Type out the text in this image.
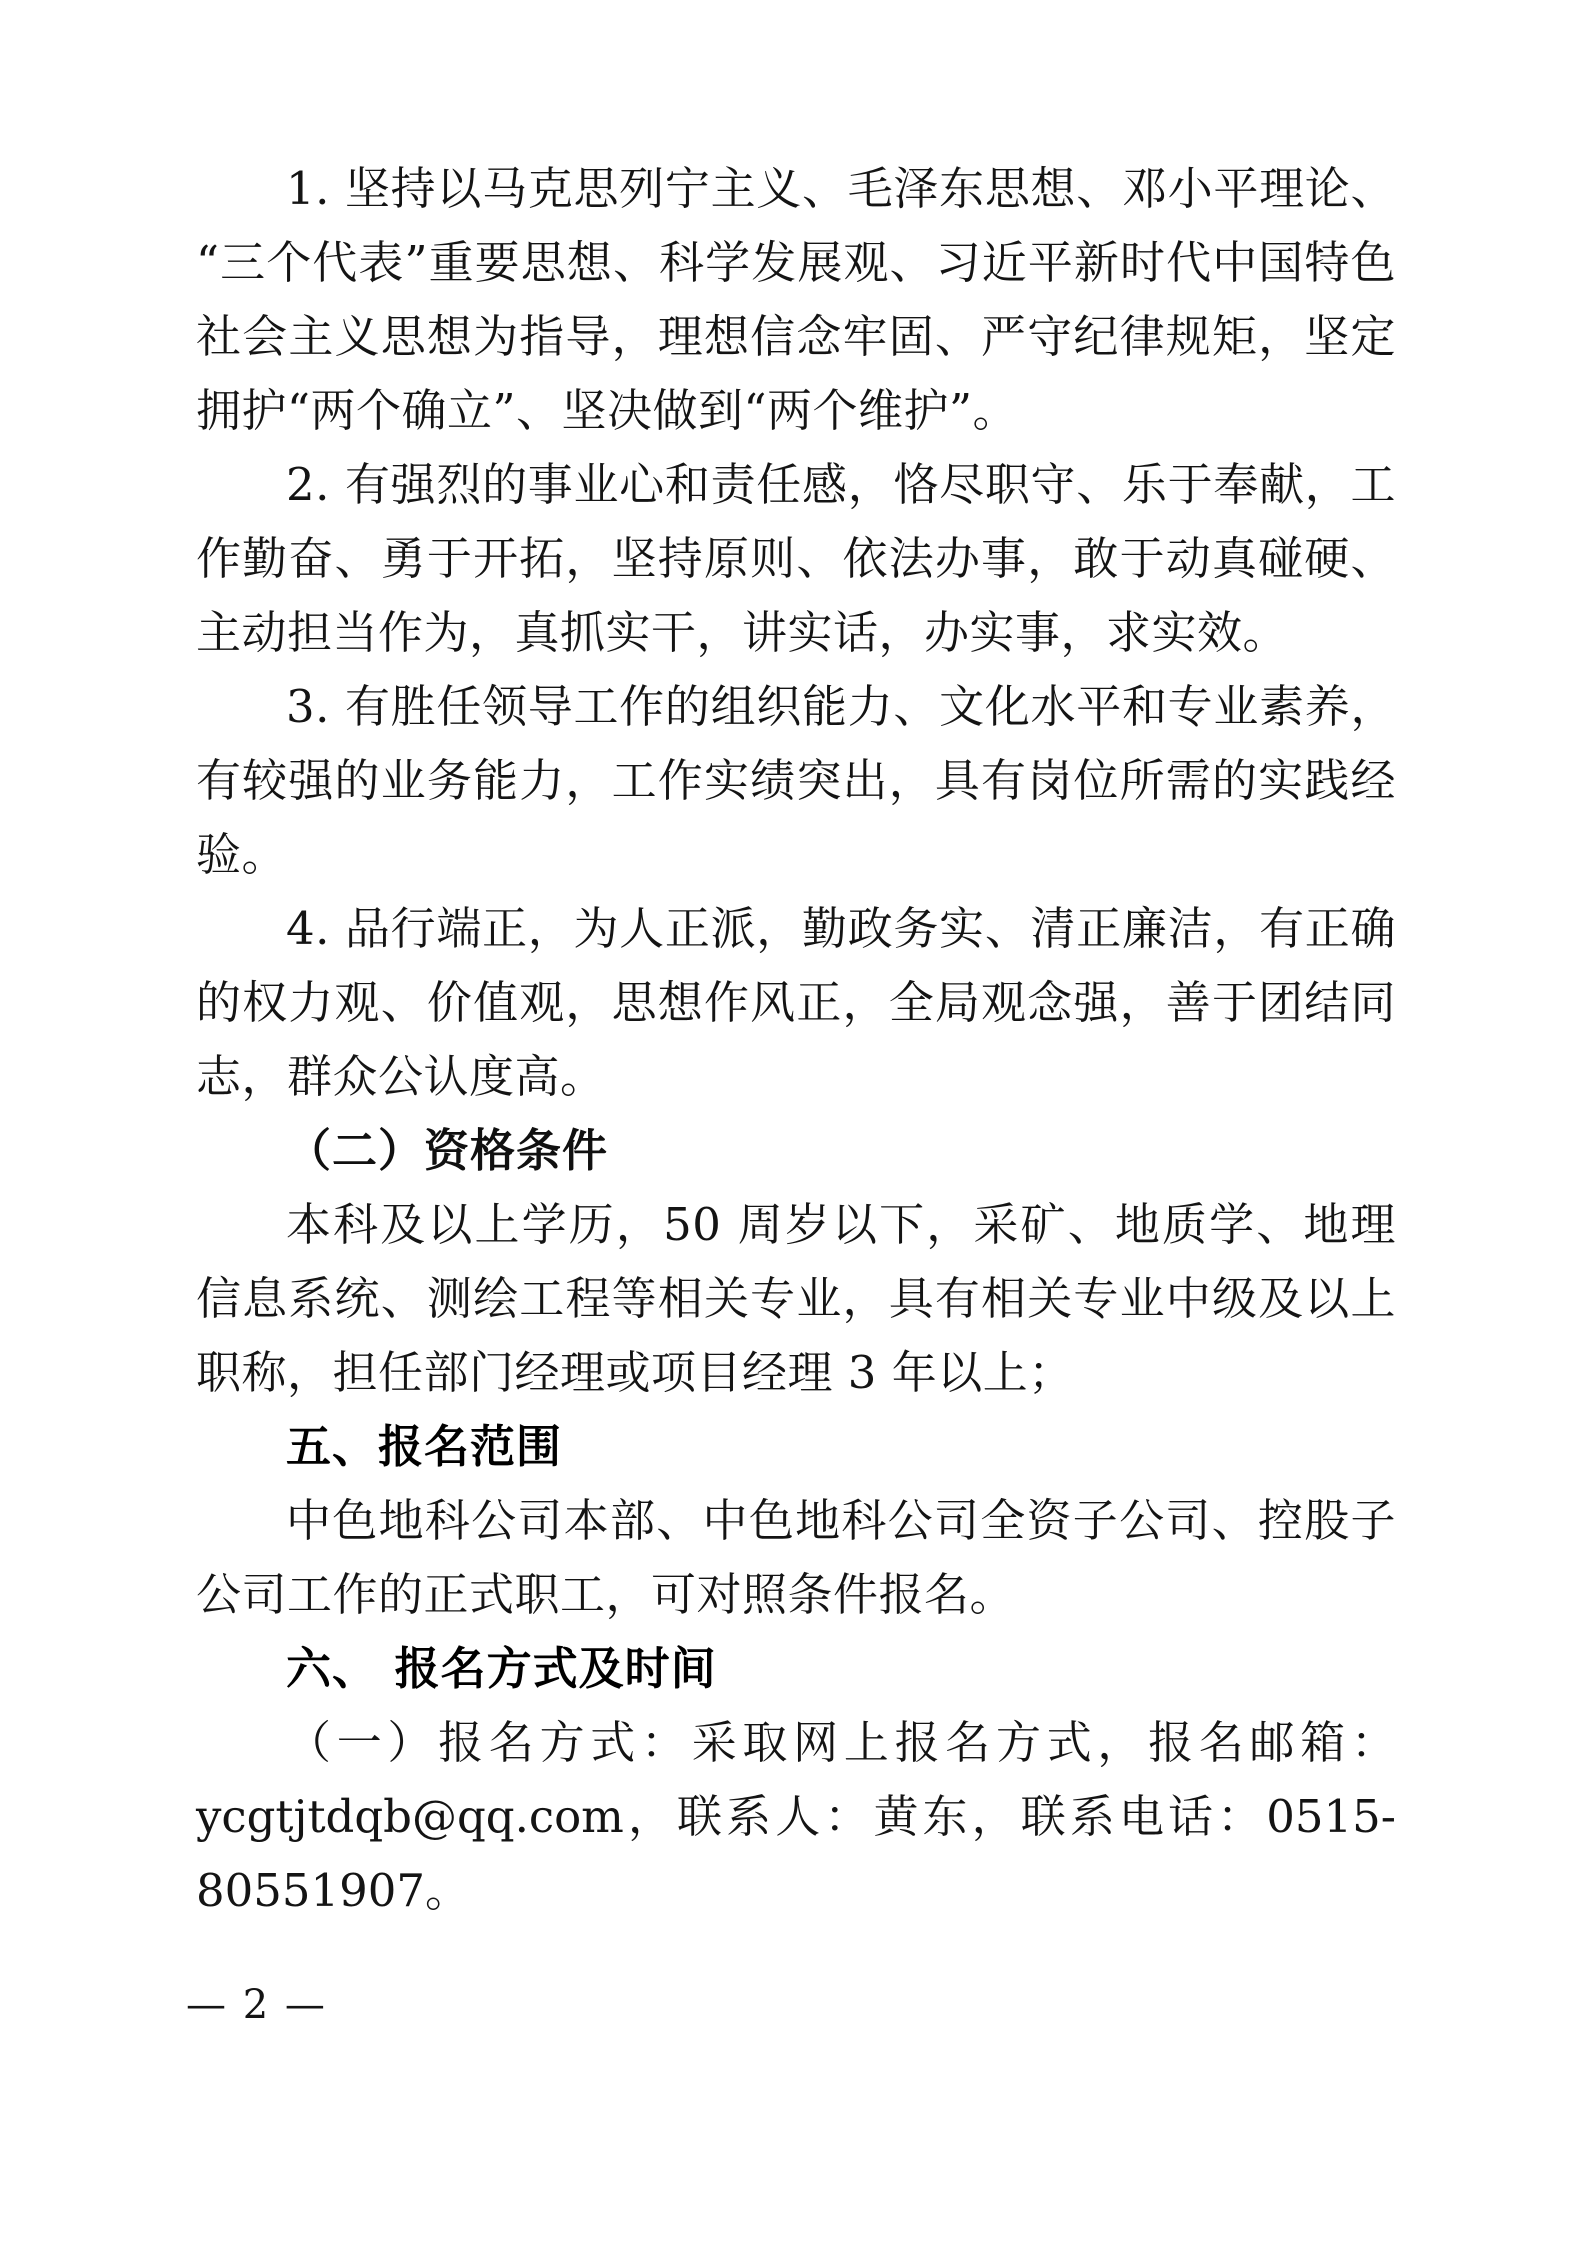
1. 坚持以马克思列宁主义、毛泽东思想、邓小平理论、“三个代表”重要思想、科学发展观、习近平新时代中国特色社会主义思想为指导，理想信念牢固、严守纪律规矩，坚定拥护“两个确立”、坚决做到“两个维护”。

2. 有强烈的事业心和责任感，恪尽职守、乐于奉献，工作勤奋、勇于开拓，坚持原则、依法办事，敢于动真碰硬、主动担当作为，真抓实干，讲实话，办实事，求实效。

3. 有胜任领导工作的组织能力、文化水平和专业素养，有较强的业务能力，工作实绩突出，具有岗位所需的实践经验。

4. 品行端正，为人正派，勤政务实、清正廉洁，有正确的权力观、价值观，思想作风正，全局观念强，善于团结同志，群众公认度高。

（二）资格条件

本科及以上学历，50 周岁以下，采矿、地质学、地理信息系统、测绘工程等相关专业，具有相关专业中级及以上职称，担任部门经理或项目经理 3 年以上；

五、报名范围

中色地科公司本部、中色地科公司全资子公司、控股子公司工作的正式职工，可对照条件报名。

六、 报名方式及时间

（一）报名方式：采取网上报名方式，报名邮箱：ycgtjtdqb@qq.com，联系人：黄东，联系电话：0515-80551907。

— 2 —
